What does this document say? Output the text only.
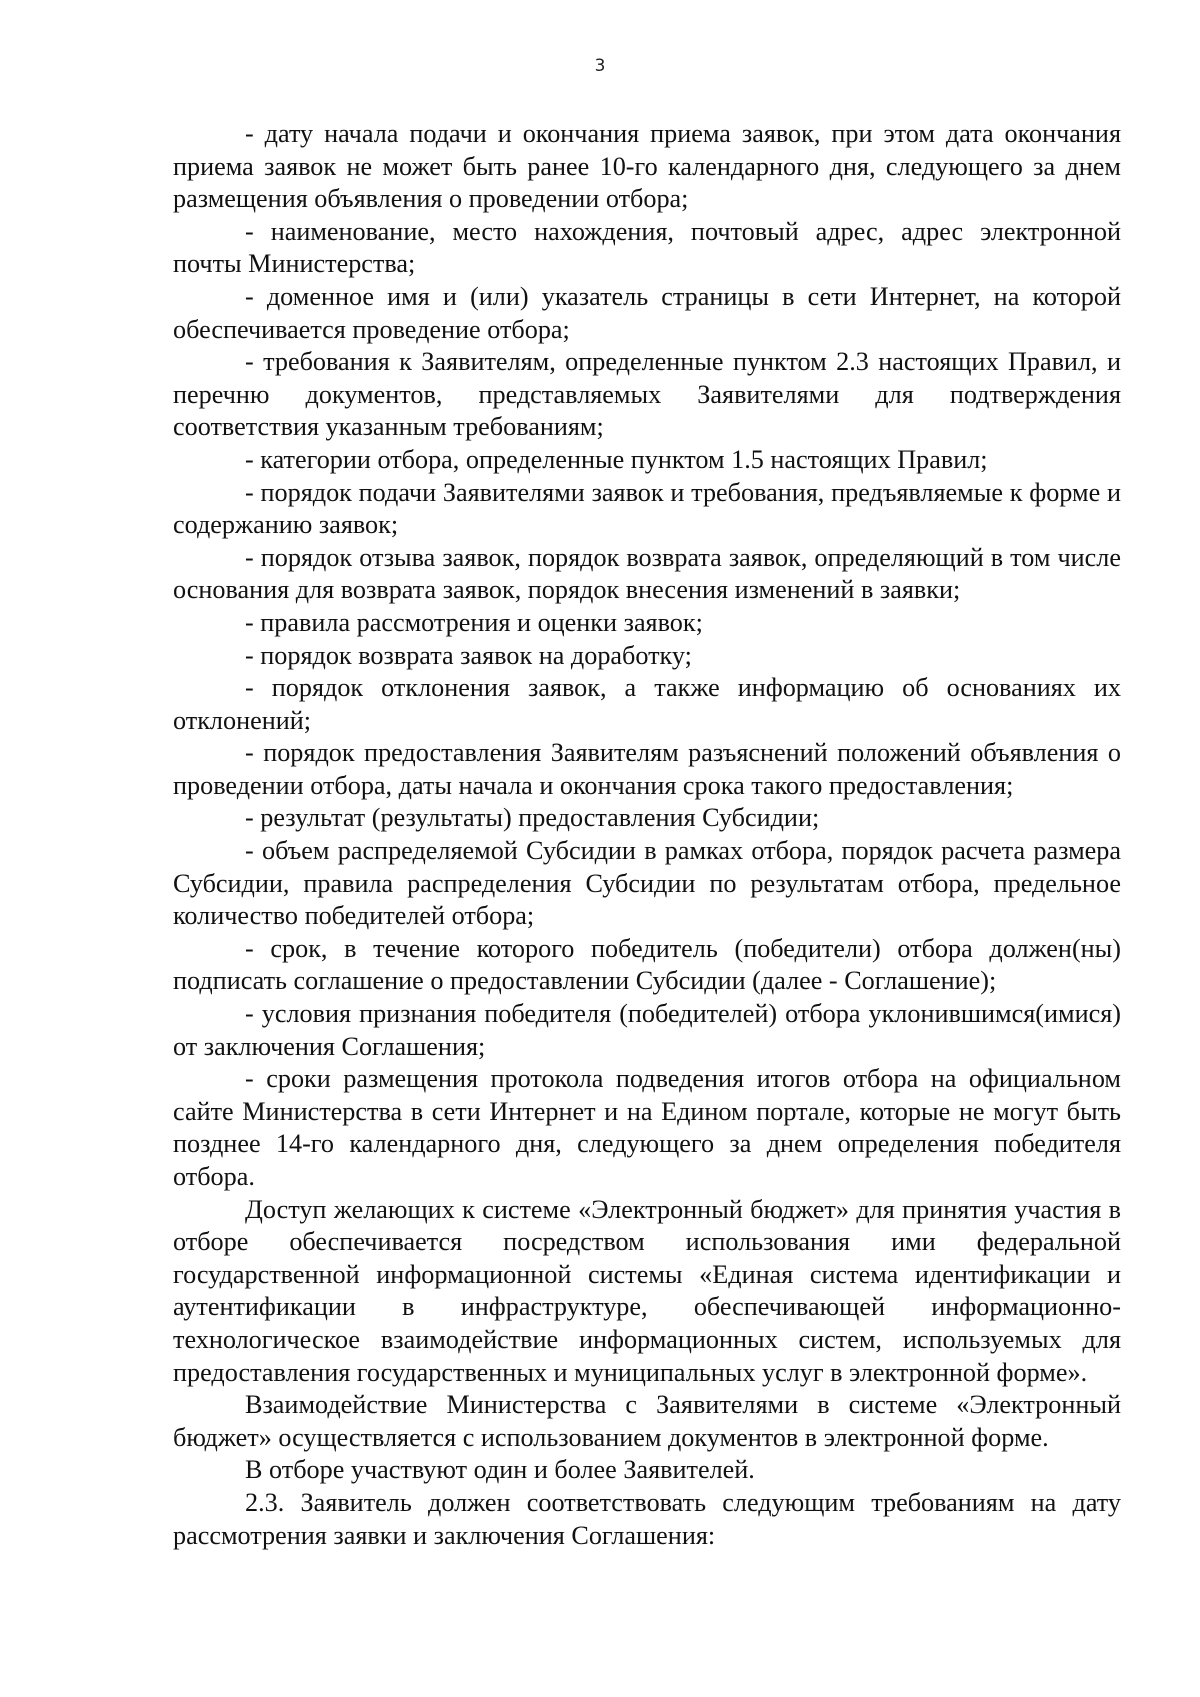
3

- дату начала подачи и окончания приема заявок, при этом дата окончания приема заявок не может быть ранее 10-го календарного дня, следующего за днем размещения объявления о проведении отбора;

- наименование, место нахождения, почтовый адрес, адрес электронной почты Министерства;

- доменное имя и (или) указатель страницы в сети Интернет, на которой обеспечивается проведение отбора;

- требования к Заявителям, определенные пунктом 2.3 настоящих Правил, и перечню документов, представляемых Заявителями для подтверждения соответствия указанным требованиям;

- категории отбора, определенные пунктом 1.5 настоящих Правил;

- порядок подачи Заявителями заявок и требования, предъявляемые к форме и содержанию заявок;

- порядок отзыва заявок, порядок возврата заявок, определяющий в том числе основания для возврата заявок, порядок внесения изменений в заявки;

- правила рассмотрения и оценки заявок;

- порядок возврата заявок на доработку;

- порядок отклонения заявок, а также информацию об основаниях их отклонений;

- порядок предоставления Заявителям разъяснений положений объявления о проведении отбора, даты начала и окончания срока такого предоставления;

- результат (результаты) предоставления Субсидии;

- объем распределяемой Субсидии в рамках отбора, порядок расчета размера Субсидии, правила распределения Субсидии по результатам отбора, предельное количество победителей отбора;

- срок, в течение которого победитель (победители) отбора должен(ны) подписать соглашение о предоставлении Субсидии (далее - Соглашение);

- условия признания победителя (победителей) отбора уклонившимся(имися) от заключения Соглашения;

- сроки размещения протокола подведения итогов отбора на официальном сайте Министерства в сети Интернет и на Едином портале, которые не могут быть позднее 14-го календарного дня, следующего за днем определения победителя отбора.

Доступ желающих к системе «Электронный бюджет» для принятия участия в отборе обеспечивается посредством использования ими федеральной государственной информационной системы «Единая система идентификации и аутентификации в инфраструктуре, обеспечивающей информационно-технологическое взаимодействие информационных систем, используемых для предоставления государственных и муниципальных услуг в электронной форме».

Взаимодействие Министерства с Заявителями в системе «Электронный бюджет» осуществляется с использованием документов в электронной форме.

В отборе участвуют один и более Заявителей.

2.3. Заявитель должен соответствовать следующим требованиям на дату рассмотрения заявки и заключения Соглашения:
